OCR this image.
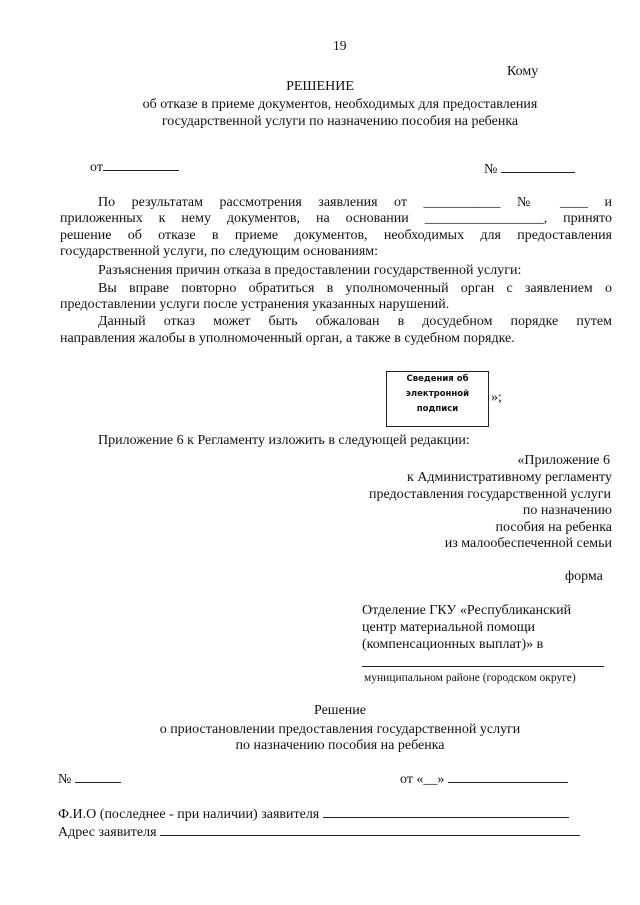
19
Кому
РЕШЕНИЕ
об отказе в приеме документов, необходимых для предоставления
государственной услуги по назначению пособия на ребенка
от	№
По результатам рассмотрения заявления от ___________ № ____ и
приложенных к нему документов, на основании _________________, принято
решение об отказе в приеме документов, необходимых для предоставления
государственной услуги, по следующим основаниям:
Разъяснения причин отказа в предоставлении государственной услуги:
Вы вправе повторно обратиться в уполномоченный орган с заявлением о
предоставлении услуги после устранения указанных нарушений.
Данный отказ может быть обжалован в досудебном порядке путем
направления жалобы в уполномоченный орган, а также в судебном порядке.
Сведения об
электронной
подписи
»;
Приложение 6 к Регламенту изложить в следующей редакции:
«Приложение 6
к Административному регламенту
предоставления государственной услуги
по назначению
пособия на ребенка
из малообеспеченной семьи
форма
Отделение ГКУ «Республиканский
центр материальной помощи
(компенсационных выплат)» в
муниципальном районе (городском округе)
Решение
о приостановлении предоставления государственной услуги
по назначению пособия на ребенка
№	от «__»
Ф.И.О (последнее - при наличии) заявителя
Адрес заявителя
